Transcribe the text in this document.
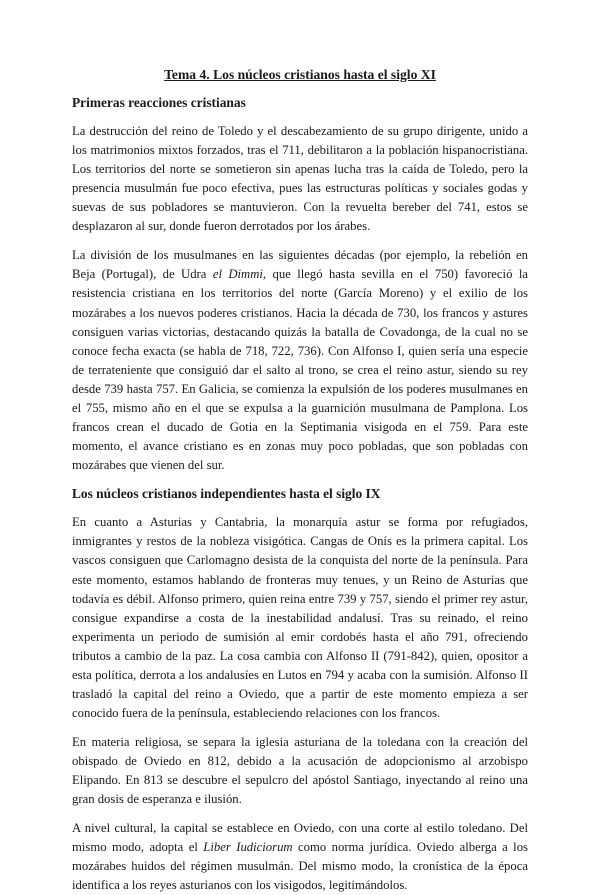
Tema 4. Los núcleos cristianos hasta el siglo XI
Primeras reacciones cristianas

La destrucción del reino de Toledo y el descabezamiento de su grupo dirigente, unido a los matrimonios mixtos forzados, tras el 711, debilitaron a la población hispanocristiana. Los territorios del norte se sometieron sin apenas lucha tras la caída de Toledo, pero la presencia musulmán fue poco efectiva, pues las estructuras políticas y sociales godas y suevas de sus pobladores se mantuvieron. Con la revuelta bereber del 741, estos se desplazaron al sur, donde fueron derrotados por los árabes.

La división de los musulmanes en las siguientes décadas (por ejemplo, la rebelión en Beja (Portugal), de Udra el Dimmi, que llegó hasta sevilla en el 750) favoreció la resistencia cristiana en los territorios del norte (García Moreno) y el exilio de los mozárabes a los nuevos poderes cristianos. Hacia la década de 730, los francos y astures consiguen varias victorias, destacando quizás la batalla de Covadonga, de la cual no se conoce fecha exacta (se habla de 718, 722, 736). Con Alfonso I, quien sería una especie de terrateniente que consiguió dar el salto al trono, se crea el reino astur, siendo su rey desde 739 hasta 757. En Galicia, se comienza la expulsión de los poderes musulmanes en el 755, mismo año en el que se expulsa a la guarnición musulmana de Pamplona. Los francos crean el ducado de Gotia en la Septimania visigoda en el 759. Para este momento, el avance cristiano es en zonas muy poco pobladas, que son pobladas con mozárabes que vienen del sur.

Los núcleos cristianos independientes hasta el siglo IX

En cuanto a Asturias y Cantabria, la monarquía astur se forma por refugiados, inmigrantes y restos de la nobleza visigótica. Cangas de Onís es la primera capital. Los vascos consiguen que Carlomagno desista de la conquista del norte de la península. Para este momento, estamos hablando de fronteras muy tenues, y un Reino de Asturias que todavía es débil. Alfonso primero, quien reina entre 739 y 757, siendo el primer rey astur, consigue expandirse a costa de la inestabilidad andalusí. Tras su reinado, el reino experimenta un periodo de sumisión al emir cordobés hasta el año 791, ofreciendo tributos a cambio de la paz. La cosa cambia con Alfonso II (791-842), quien, opositor a esta política, derrota a los andalusíes en Lutos en 794 y acaba con la sumisión. Alfonso II trasladó la capital del reino a Oviedo, que a partir de este momento empieza a ser conocido fuera de la península, estableciendo relaciones con los francos.

En materia religiosa, se separa la iglesia asturiana de la toledana con la creación del obispado de Oviedo en 812, debido a la acusación de adopcionismo al arzobispo Elipando. En 813 se descubre el sepulcro del apóstol Santiago, inyectando al reino una gran dosis de esperanza e ilusión.

A nivel cultural, la capital se establece en Oviedo, con una corte al estilo toledano. Del mismo modo, adopta el Liber Iudiciorum como norma jurídica. Oviedo alberga a los mozárabes huidos del régimen musulmán. Del mismo modo, la cronística de la época identifica a los reyes asturianos con los visigodos, legitimándolos.
